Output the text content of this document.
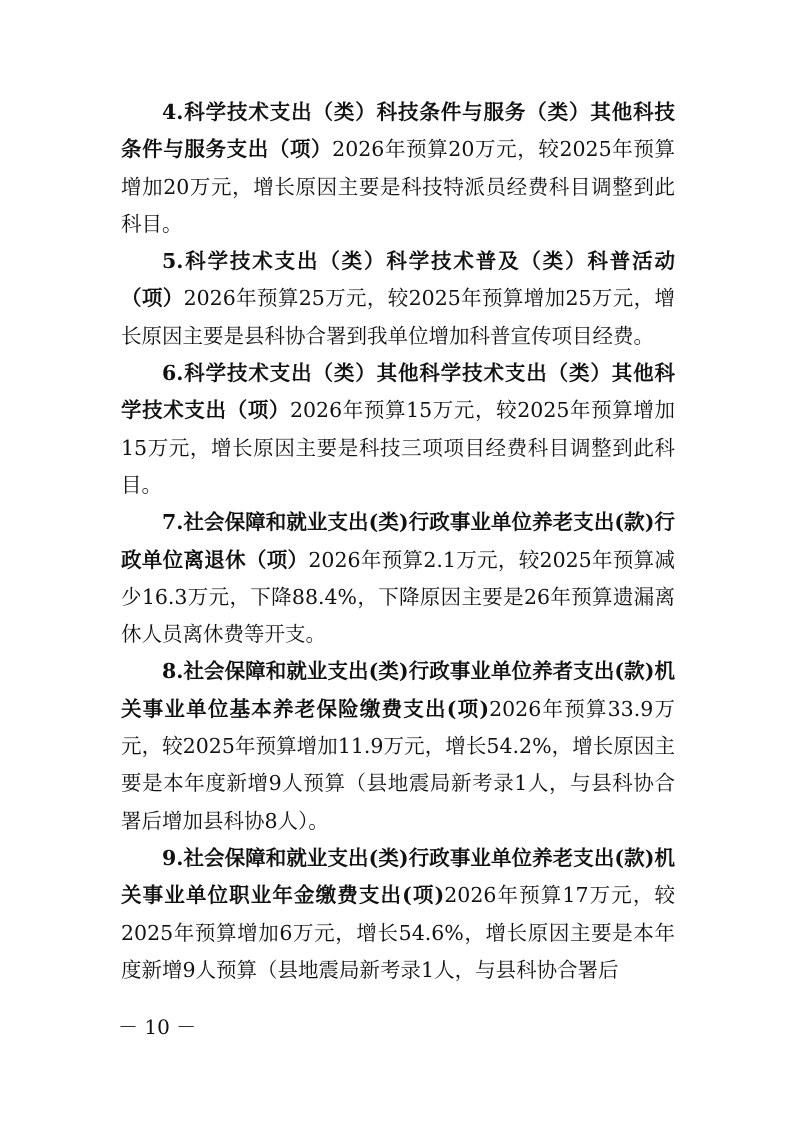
4.科学技术支出（类）科技条件与服务（类）其他科技条件与服务支出（项）2026年预算20万元，较2025年预算增加20万元，增长原因主要是科技特派员经费科目调整到此科目。

5.科学技术支出（类）科学技术普及（类）科普活动（项）2026年预算25万元，较2025年预算增加25万元，增长原因主要是县科协合署到我单位增加科普宣传项目经费。

6.科学技术支出（类）其他科学技术支出（类）其他科学技术支出（项）2026年预算15万元，较2025年预算增加15万元，增长原因主要是科技三项项目经费科目调整到此科目。

7.社会保障和就业支出(类)行政事业单位养老支出(款)行政单位离退休（项）2026年预算2.1万元，较2025年预算减少16.3万元，下降88.4%，下降原因主要是26年预算遗漏离休人员离休费等开支。

8.社会保障和就业支出(类)行政事业单位养者支出(款)机关事业单位基本养老保险缴费支出(项)2026年预算33.9万元，较2025年预算增加11.9万元，增长54.2%，增长原因主要是本年度新增9人预算（县地震局新考录1人，与县科协合署后增加县科协8人）。

9.社会保障和就业支出(类)行政事业单位养老支出(款)机关事业单位职业年金缴费支出(项)2026年预算17万元，较2025年预算增加6万元，增长54.6%，增长原因主要是本年度新增9人预算（县地震局新考录1人，与县科协合署后

－ 10 －
